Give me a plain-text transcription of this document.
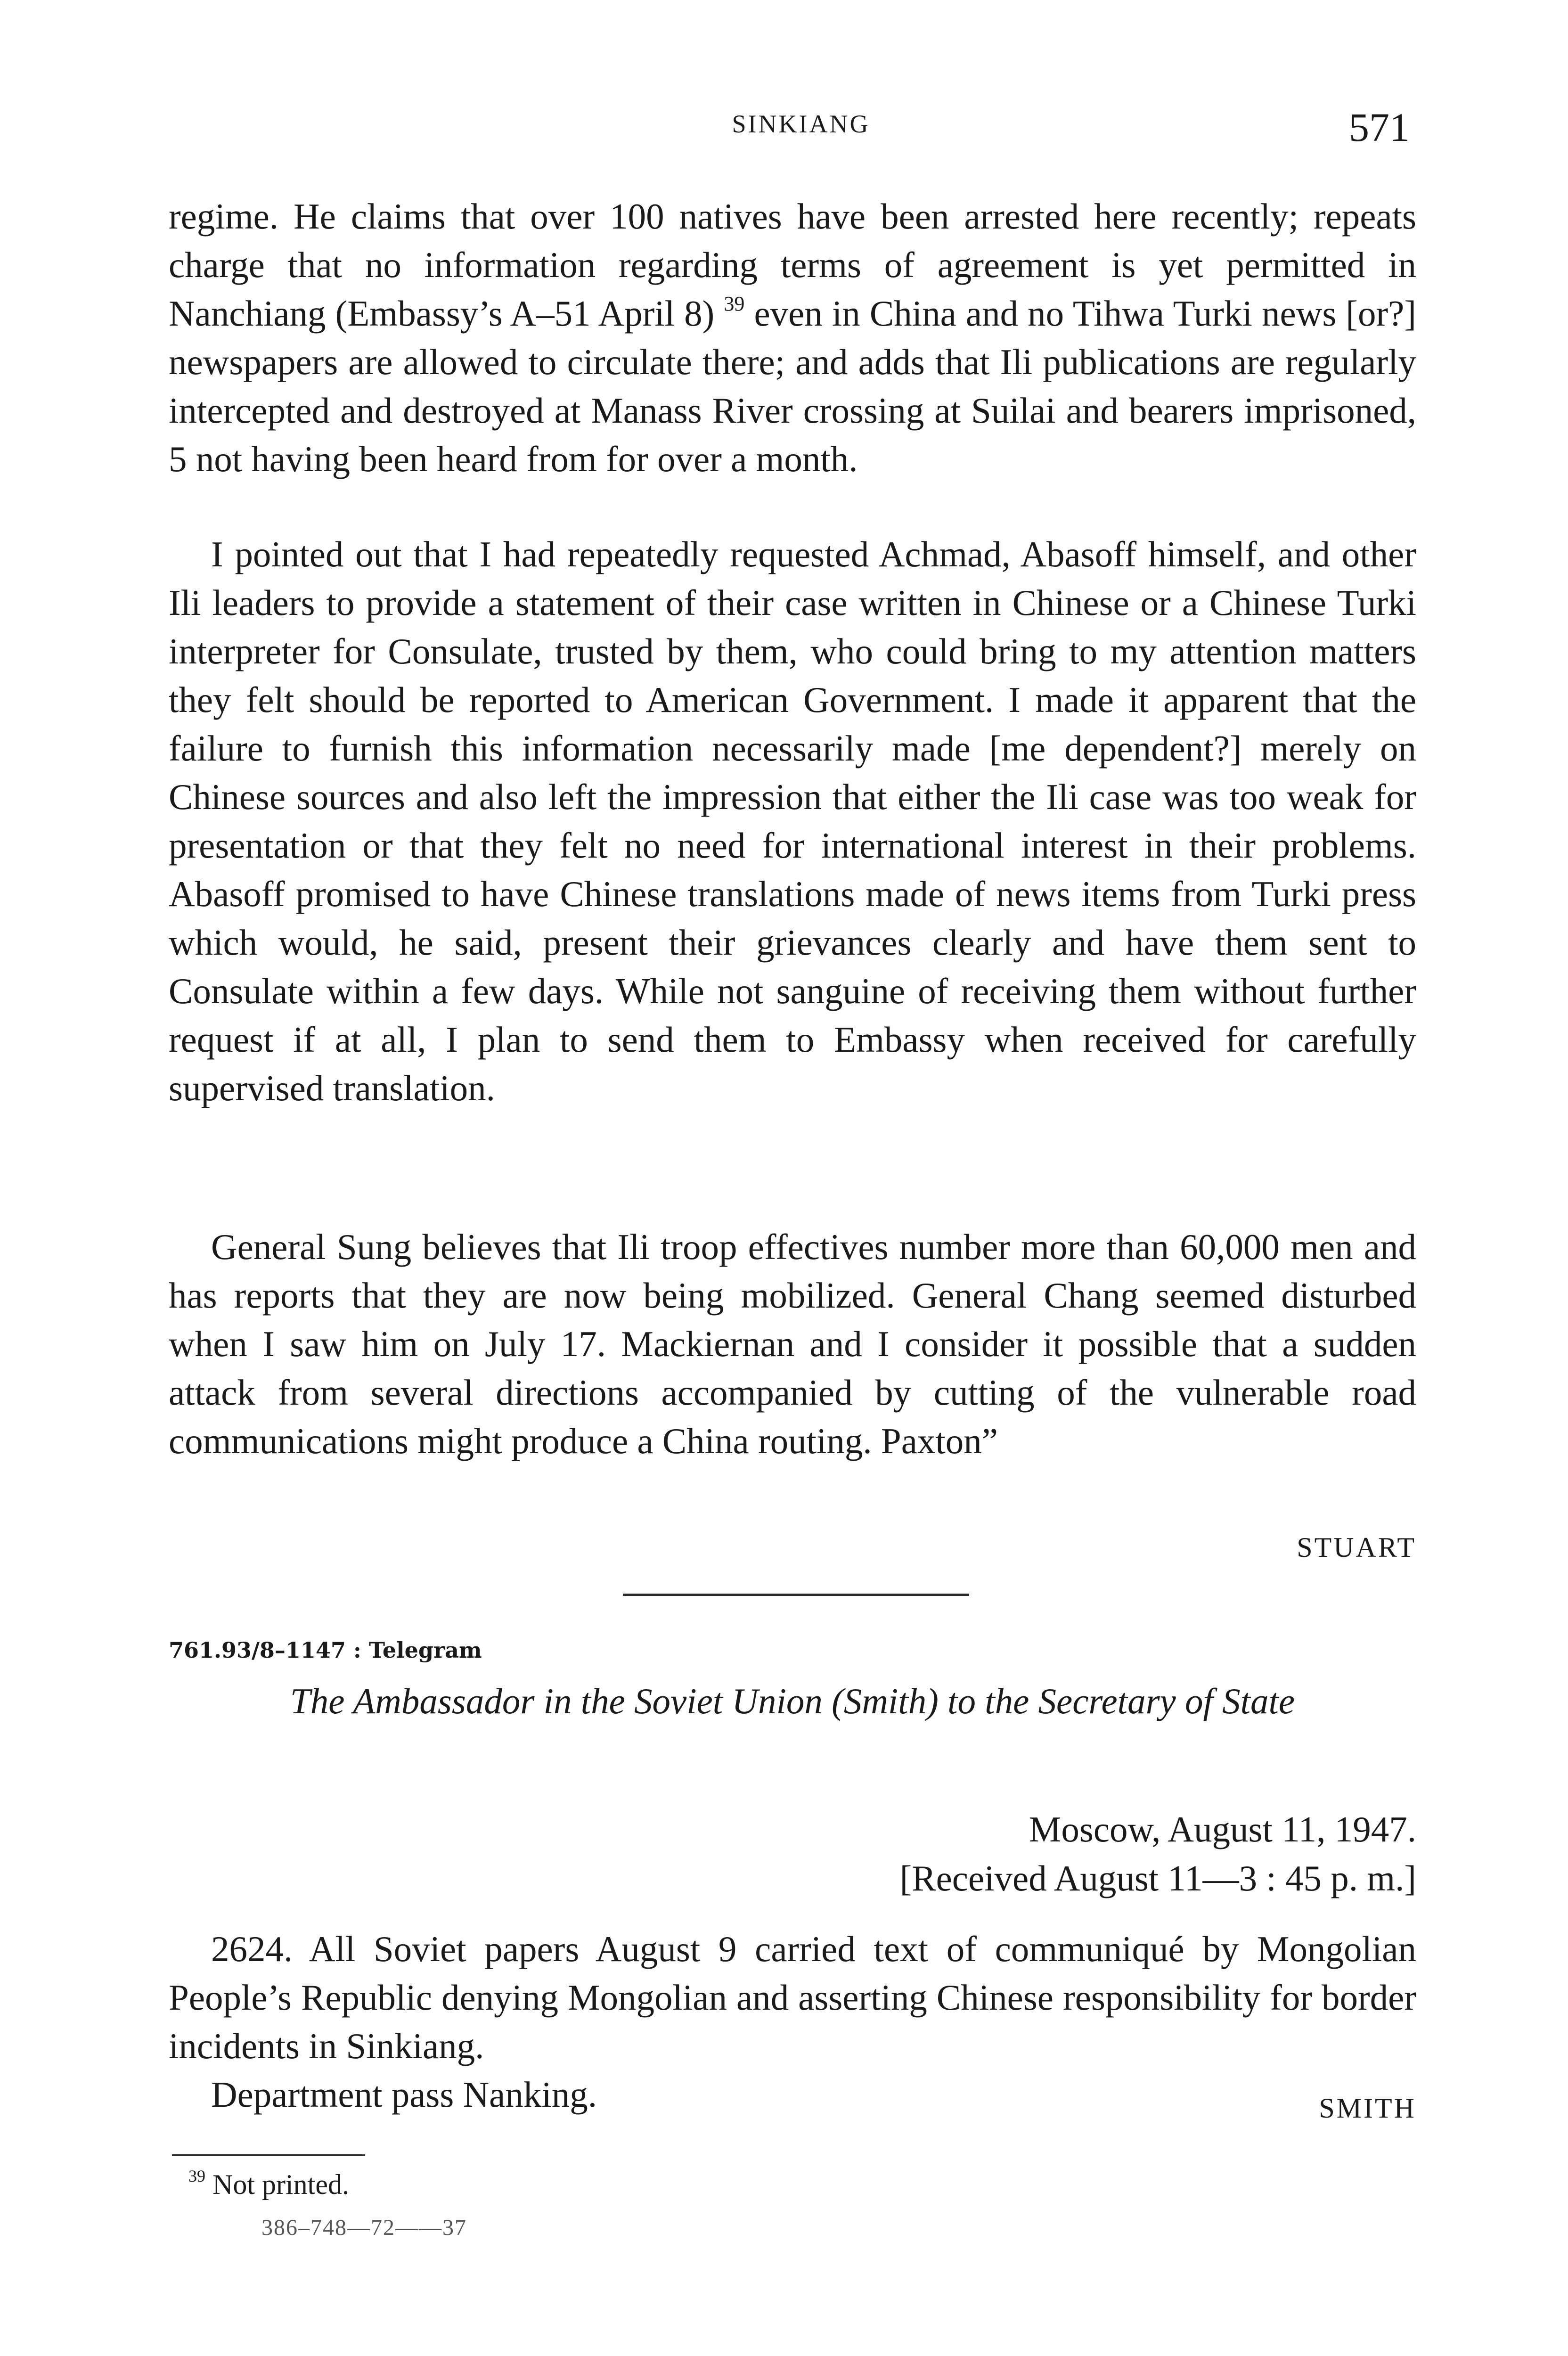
SINKIANG	571

regime. He claims that over 100 natives have been arrested here recently; repeats charge that no information regarding terms of agreement is yet permitted in Nanchiang (Embassy’s A–51 April 8) $^{39}$ even in China and no Tihwa Turki news [or?] newspapers are allowed to circulate there; and adds that Ili publications are regularly intercepted and destroyed at Manass River crossing at Suilai and bearers imprisoned, 5 not having been heard from for over a month.

I pointed out that I had repeatedly requested Achmad, Abasoff himself, and other Ili leaders to provide a statement of their case written in Chinese or a Chinese Turki interpreter for Consulate, trusted by them, who could bring to my attention matters they felt should be reported to American Government. I made it apparent that the failure to furnish this information necessarily made [me dependent?] merely on Chinese sources and also left the impression that either the Ili case was too weak for presentation or that they felt no need for international interest in their problems. Abasoff promised to have Chinese translations made of news items from Turki press which would, he said, present their grievances clearly and have them sent to Consulate within a few days. While not sanguine of receiving them without further request if at all, I plan to send them to Embassy when received for carefully supervised translation.

General Sung believes that Ili troop effectives number more than 60,000 men and has reports that they are now being mobilized. General Chang seemed disturbed when I saw him on July 17. Mackiernan and I consider it possible that a sudden attack from several directions accompanied by cutting of the vulnerable road communications might produce a China routing. Paxton”

STUART
761.93/8–1147 : Telegram
The Ambassador in the Soviet Union (Smith) to the Secretary of State
Moscow, August 11, 1947.
[Received August 11—3 : 45 p. m.]

2624. All Soviet papers August 9 carried text of communiqué by Mongolian People’s Republic denying Mongolian and asserting Chinese responsibility for border incidents in Sinkiang.

Department pass Nanking.	SMITH
$^{39}$ Not printed.
386–748—72——37
